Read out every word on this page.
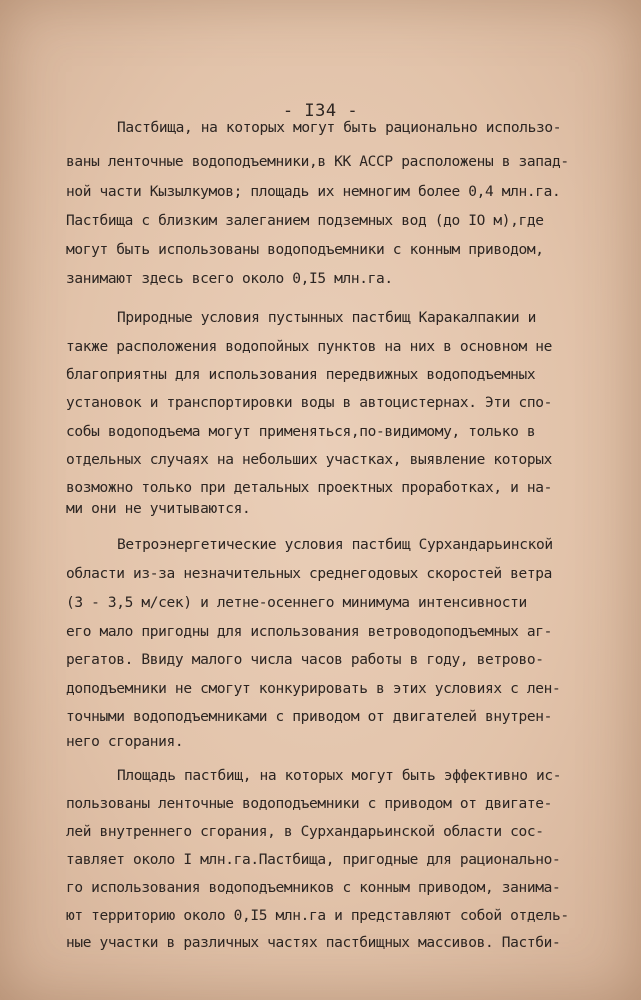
- I34 -
Пастбища, на которых могут быть рационально использо-
ваны ленточные водоподъемники,в КК АССР расположены в запад-
ной части Кызылкумов; площадь их немногим более 0,4 млн.га.
Пастбища с близким залеганием подземных вод (до IO м),где
могут быть использованы водоподъемники с конным приводом,
занимают здесь всего около 0,I5 млн.га.
Природные условия пустынных пастбищ Каракалпакии и
также расположения водопойных пунктов на них в основном не
благоприятны для использования передвижных водоподъемных
установок и транспортировки воды в автоцистернах. Эти спо-
собы водоподъема могут применяться,по-видимому, только в
отдельных случаях на небольших участках, выявление которых
возможно только при детальных проектных проработках, и на-
ми они не учитываются.
Ветроэнергетические условия пастбищ Сурхандарьинской
области из-за незначительных среднегодовых скоростей ветра
(3 - 3,5 м/сек) и летне-осеннего минимума интенсивности
его мало пригодны для использования ветроводоподъемных аг-
регатов. Ввиду малого числа часов работы в году, ветрово-
доподъемники не смогут конкурировать в этих условиях с лен-
точными водоподъемниками с приводом от двигателей внутрен-
него сгорания.
Площадь пастбищ, на которых могут быть эффективно ис-
пользованы ленточные водоподъемники с приводом от двигате-
лей внутреннего сгорания, в Сурхандарьинской области сос-
тавляет около I млн.га.Пастбища, пригодные для рационально-
го использования водоподъемников с конным приводом, занима-
ют территорию около 0,I5 млн.га и представляют собой отдель-
ные участки в различных частях пастбищных массивов. Пастби-
